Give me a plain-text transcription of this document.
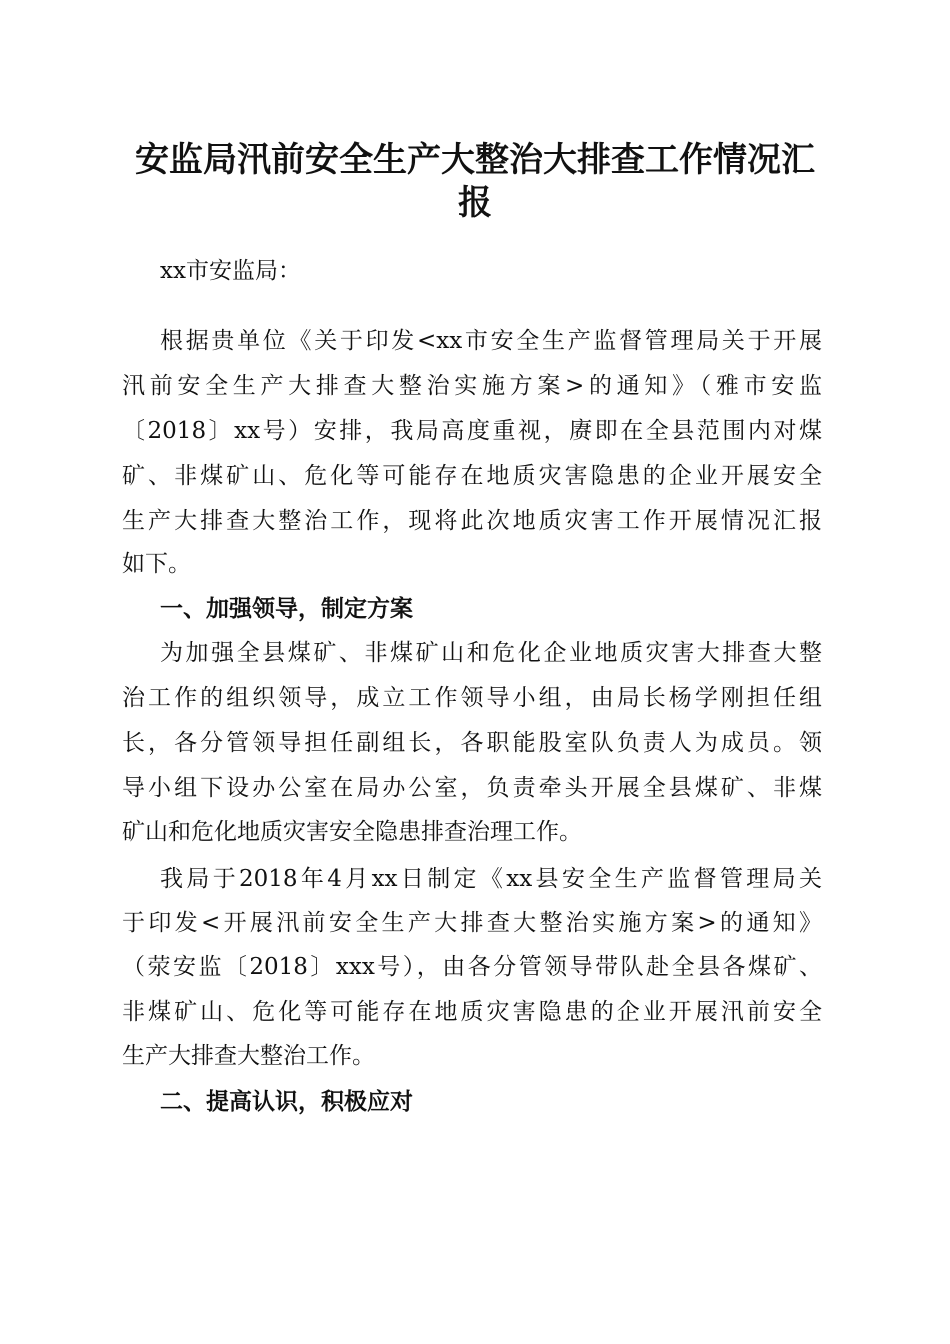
安监局汛前安全生产大整治大排查工作情况汇
报
xx市安监局：
根据贵单位《关于印发<xx市安全生产监督管理局关于开展
汛前安全生产大排查大整治实施方案>的通知》（雅市安监
〔2018〕xx号）安排，我局高度重视，赓即在全县范围内对煤
矿、非煤矿山、危化等可能存在地质灾害隐患的企业开展安全
生产大排查大整治工作，现将此次地质灾害工作开展情况汇报
如下。
一、加强领导，制定方案
为加强全县煤矿、非煤矿山和危化企业地质灾害大排查大整
治工作的组织领导，成立工作领导小组，由局长杨学刚担任组
长，各分管领导担任副组长，各职能股室队负责人为成员。领
导小组下设办公室在局办公室，负责牵头开展全县煤矿、非煤
矿山和危化地质灾害安全隐患排查治理工作。
我局于2018年4月xx日制定《xx县安全生产监督管理局关
于印发<开展汛前安全生产大排查大整治实施方案>的通知》
（荥安监〔2018〕xxx号），由各分管领导带队赴全县各煤矿、
非煤矿山、危化等可能存在地质灾害隐患的企业开展汛前安全
生产大排查大整治工作。
二、提高认识，积极应对
